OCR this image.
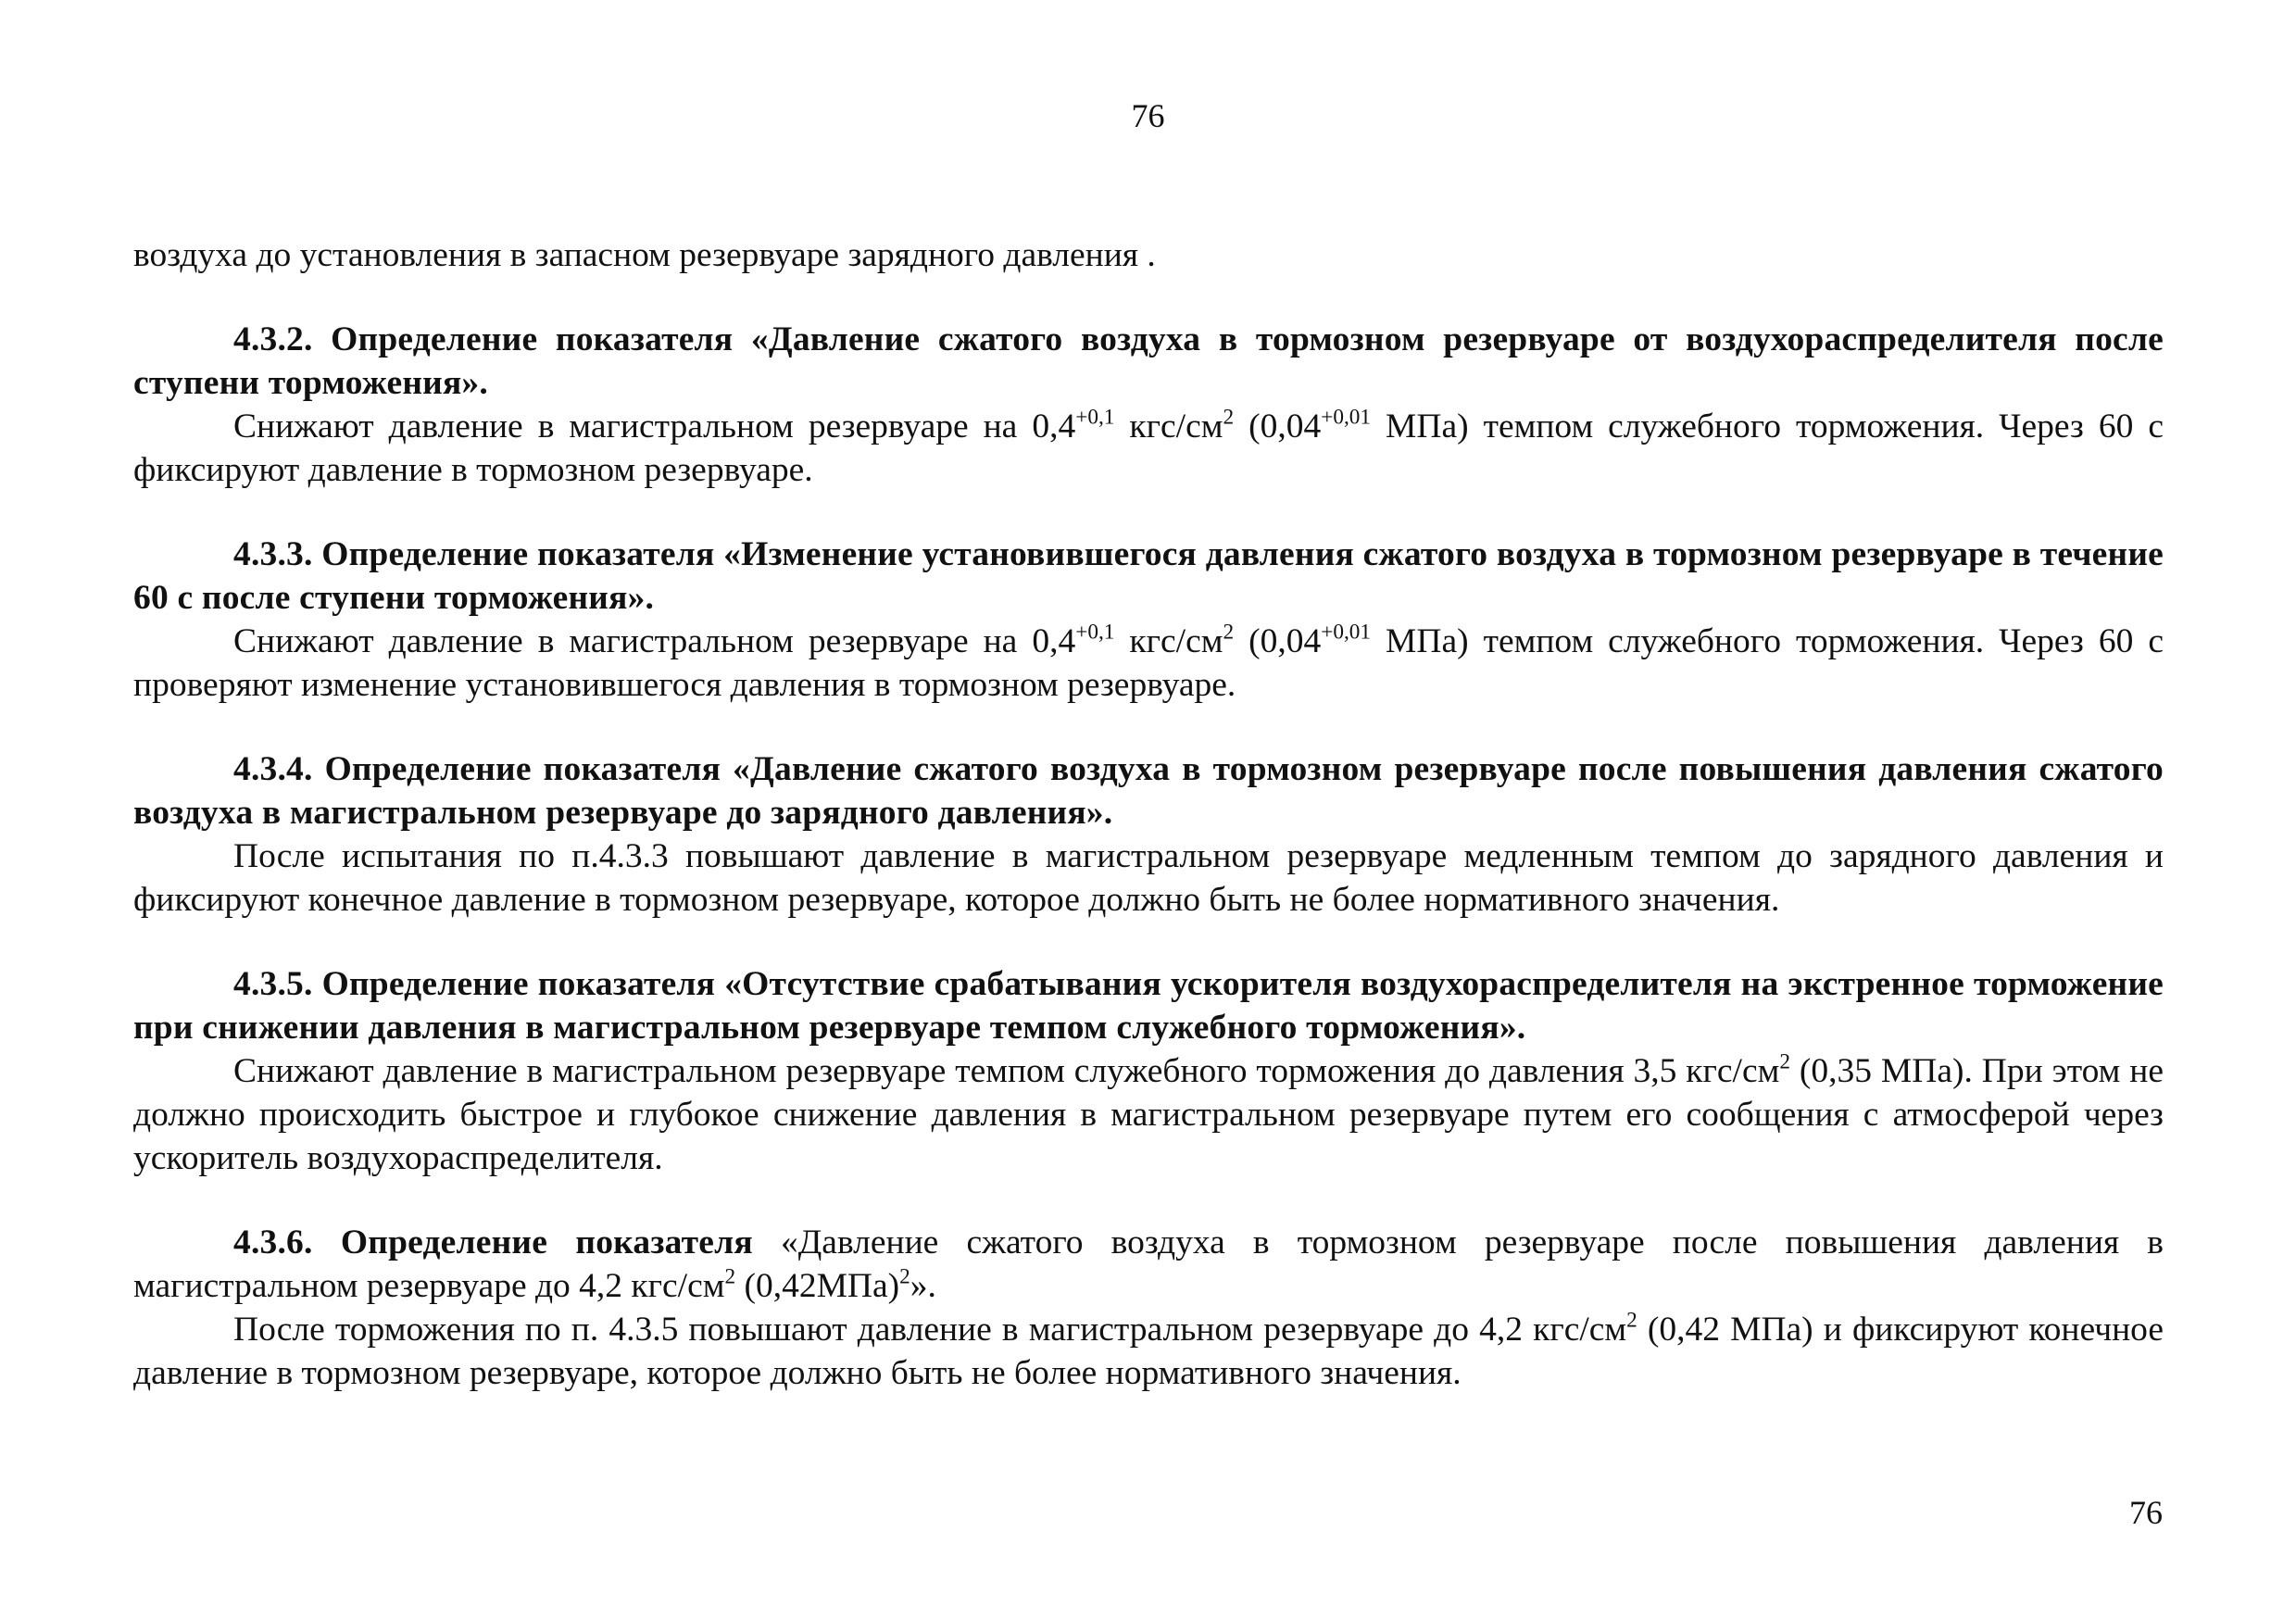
76

воздуха до установления в запасном резервуаре зарядного давления .

4.3.2. Определение показателя «Давление сжатого воздуха в тормозном резервуаре от воздухораспределителя после ступени торможения».

Снижают давление в магистральном резервуаре на $0,4^{+0,1}$ кгс/$см^2$ ($0,04^{+0,01}$ МПа) темпом служебного торможения. Через 60 с фиксируют давление в тормозном резервуаре.

4.3.3. Определение показателя «Изменение установившегося давления сжатого воздуха в тормозном резервуаре в течение 60 с после ступени торможения».

Снижают давление в магистральном резервуаре на $0,4^{+0,1}$ кгс/$см^2$ ($0,04^{+0,01}$ МПа) темпом служебного торможения. Через 60 с проверяют изменение установившегося давления в тормозном резервуаре.

4.3.4. Определение показателя «Давление сжатого воздуха в тормозном резервуаре после повышения давления сжатого воздуха в магистральном резервуаре до зарядного давления».

После испытания по п.4.3.3 повышают давление в магистральном резервуаре медленным темпом до зарядного давления и фиксируют конечное давление в тормозном резервуаре, которое должно быть не более нормативного значения.

4.3.5. Определение показателя «Отсутствие срабатывания ускорителя воздухораспределителя на экстренное торможение при снижении давления в магистральном резервуаре темпом служебного торможения».

Снижают давление в магистральном резервуаре темпом служебного торможения до давления 3,5 кгс/$см^2$ (0,35 МПа). При этом не должно происходить быстрое и глубокое снижение давления в магистральном резервуаре путем его сообщения с атмосферой через ускоритель воздухораспределителя.

4.3.6. Определение показателя «Давление сжатого воздуха в тормозном резервуаре после повышения давления в магистральном резервуаре до 4,2 кгс/$см^2$ $(0,42МПа)^2$».

После торможения по п. 4.3.5 повышают давление в магистральном резервуаре до 4,2 кгс/$см^2$ (0,42 МПа) и фиксируют конечное давление в тормозном резервуаре, которое должно быть не более нормативного значения.

76
